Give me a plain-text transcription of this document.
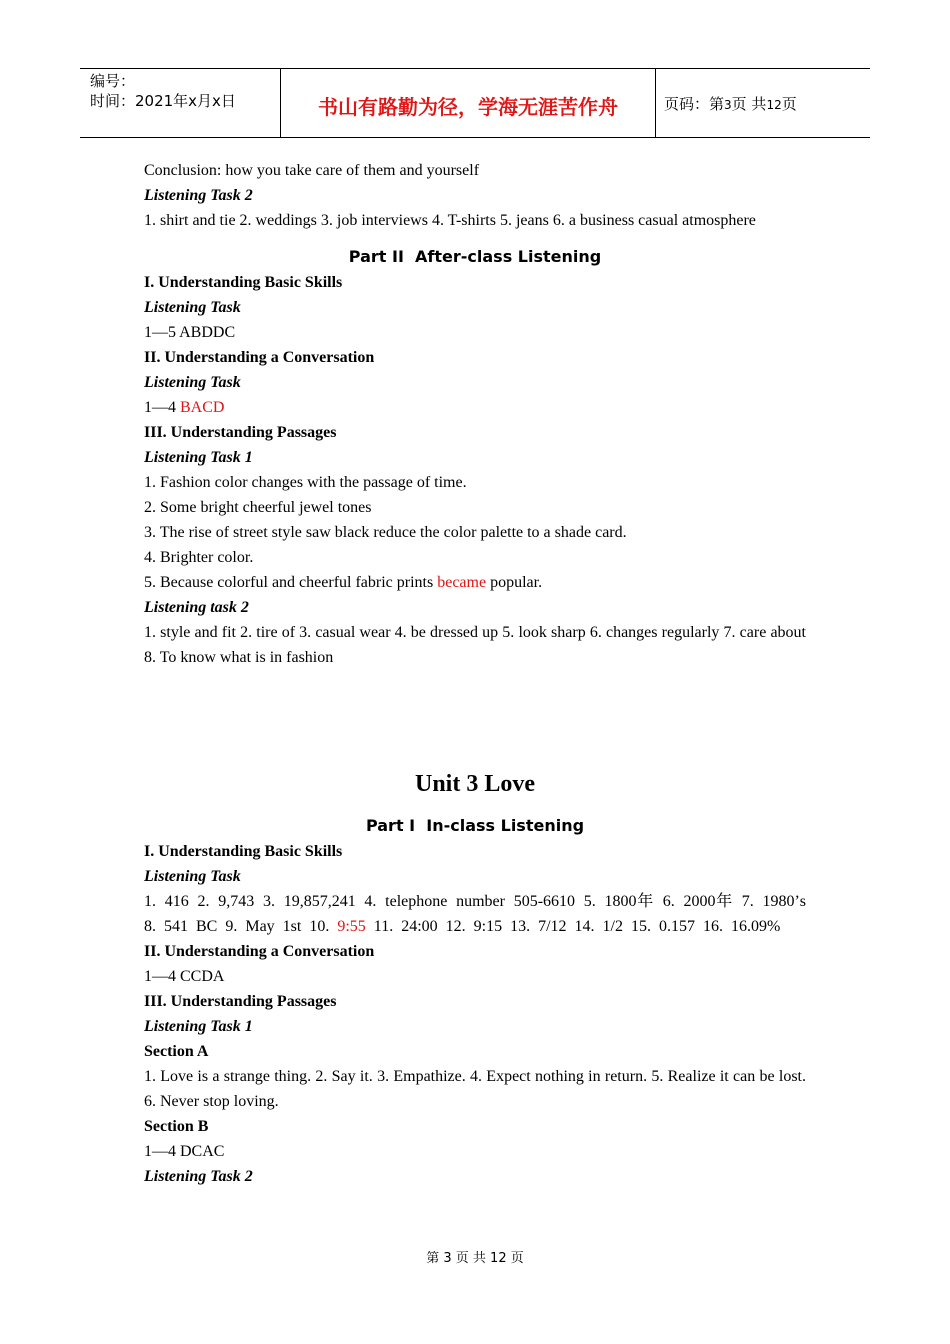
编号：
时间：2021年x月x日	书山有路勤为径，学海无涯苦作舟	页码：第3页 共12页
Conclusion: how you take care of them and yourself
Listening Task 2
1. shirt and tie 2. weddings 3. job interviews 4. T-shirts 5. jeans 6. a business casual atmosphere
Part II  After-class Listening
I. Understanding Basic Skills
Listening Task
1—5 ABDDC
II. Understanding a Conversation
Listening Task
1—4 BACD
III. Understanding Passages
Listening Task 1
1. Fashion color changes with the passage of time.
2. Some bright cheerful jewel tones
3. The rise of street style saw black reduce the color palette to a shade card.
4. Brighter color.
5. Because colorful and cheerful fabric prints became popular.
Listening task 2
1. style and fit 2. tire of 3. casual wear 4. be dressed up 5. look sharp 6. changes regularly 7. care about 8. To know what is in fashion
Unit 3 Love
Part I  In-class Listening
I. Understanding Basic Skills
Listening Task
1. 416 2. 9,743 3. 19,857,241 4. telephone number 505-6610 5. 1800年 6. 2000年 7. 1980’s 8. 541 BC 9. May 1st 10. 9:55 11. 24:00 12. 9:15 13. 7/12 14. 1/2 15. 0.157 16. 16.09%
II. Understanding a Conversation
1—4 CCDA
III. Understanding Passages
Listening Task 1
Section A
1. Love is a strange thing. 2. Say it. 3. Empathize. 4. Expect nothing in return. 5. Realize it can be lost. 6. Never stop loving.
Section B
1—4 DCAC
Listening Task 2
第 3 页 共 12 页
